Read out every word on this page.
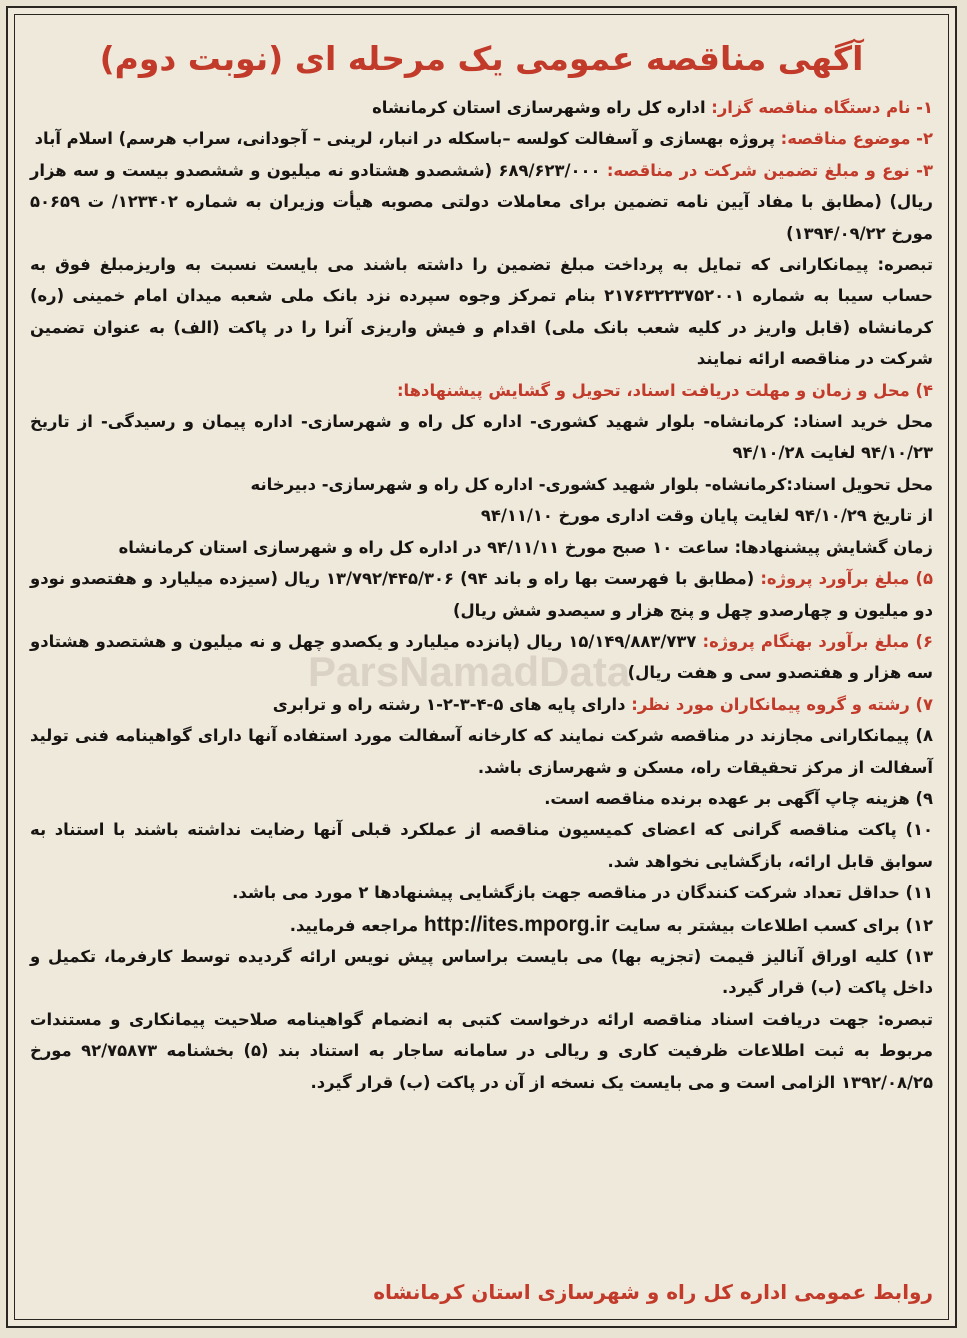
آگهی مناقصه عمومی یک مرحله ای (نوبت دوم)
ParsNamadData

۱- نام دستگاه مناقصه گزار: اداره کل راه وشهرسازی استان کرمانشاه

۲- موضوع مناقصه: پروژه بهسازی و آسفالت کولسه –باسکله در انبار، لرینی – آجودانی، سراب هرسم) اسلام آباد

۳- نوع و مبلغ تضمین شرکت در مناقصه: ۶۸۹/۶۲۳/۰۰۰ (ششصدو هشتادو نه میلیون و ششصدو بیست و سه هزار ریال) (مطابق با مفاد آیین نامه تضمین برای معاملات دولتی مصوبه هیأت وزیران به شماره ۱۲۳۴۰۲/ ت ۵۰۶۵۹ مورخ ۱۳۹۴/۰۹/۲۲)

تبصره: پیمانکارانی که تمایل به پرداخت مبلغ تضمین را داشته باشند می بایست نسبت به واریزمبلغ فوق به حساب سیبا به شماره ۲۱۷۶۳۲۲۳۷۵۲۰۰۱ بنام تمرکز وجوه سپرده نزد بانک ملی شعبه میدان امام خمینی (ره) کرمانشاه (قابل واریز در کلیه شعب بانک ملی) اقدام و فیش واریزی آنرا را در پاکت (الف) به عنوان تضمین شرکت در مناقصه ارائه نمایند

۴) محل و زمان و مهلت دریافت اسناد، تحویل و گشایش پیشنهادها:

محل خرید اسناد: کرمانشاه- بلوار شهید کشوری- اداره کل راه و شهرسازی- اداره پیمان و رسیدگی- از تاریخ ۹۴/۱۰/۲۳ لغایت ۹۴/۱۰/۲۸

محل تحویل اسناد:کرمانشاه- بلوار شهید کشوری- اداره کل راه و شهرسازی- دبیرخانه

از تاریخ ۹۴/۱۰/۲۹ لغایت پایان وقت اداری مورخ ۹۴/۱۱/۱۰

زمان گشایش پیشنهادها: ساعت ۱۰ صبح مورخ ۹۴/۱۱/۱۱ در اداره کل راه و شهرسازی استان کرمانشاه

۵) مبلغ برآورد پروژه: (مطابق با فهرست بها راه و باند ۹۴) ۱۳/۷۹۲/۴۴۵/۳۰۶ ریال (سیزده میلیارد و هفتصدو نودو دو میلیون و چهارصدو چهل و پنج هزار و سیصدو شش ریال)

۶) مبلغ برآورد بهنگام پروژه: ۱۵/۱۴۹/۸۸۳/۷۳۷ ریال (پانزده میلیارد و یکصدو چهل و نه میلیون و هشتصدو هشتادو سه هزار و هفتصدو سی و هفت ریال)

۷) رشته و گروه پیمانکاران مورد نظر: دارای پایه های ۵-۴-۳-۲-۱ رشته راه و ترابری

۸) پیمانکارانی مجازند در مناقصه شرکت نمایند که کارخانه آسفالت مورد استفاده آنها دارای گواهینامه فنی تولید آسفالت از مرکز تحقیقات راه، مسکن و شهرسازی باشد.

۹) هزینه چاپ آگهی بر عهده برنده مناقصه است.

۱۰) پاکت مناقصه گرانی که اعضای کمیسیون مناقصه از عملکرد قبلی آنها رضایت نداشته باشند با استناد به سوابق قابل ارائه، بازگشایی نخواهد شد.

۱۱) حداقل تعداد شرکت کنندگان در مناقصه جهت بازگشایی پیشنهادها ۲ مورد می باشد.

۱۲) برای کسب اطلاعات بیشتر به سایت http://ites.mporg.ir مراجعه فرمایید.

۱۳) کلیه اوراق آنالیز قیمت (تجزیه بها) می بایست براساس پیش نویس ارائه گردیده توسط کارفرما، تکمیل و داخل پاکت (ب) قرار گیرد.

تبصره: جهت دریافت اسناد مناقصه ارائه درخواست کتبی به انضمام گواهینامه صلاحیت پیمانکاری و مستندات مربوط به ثبت اطلاعات ظرفیت کاری و ریالی در سامانه ساجار به استناد بند (۵) بخشنامه ۹۲/۷۵۸۷۳ مورخ ۱۳۹۲/۰۸/۲۵ الزامی است و می بایست یک نسخه از آن در پاکت (ب) قرار گیرد.

روابط عمومی اداره کل راه و شهرسازی استان کرمانشاه
